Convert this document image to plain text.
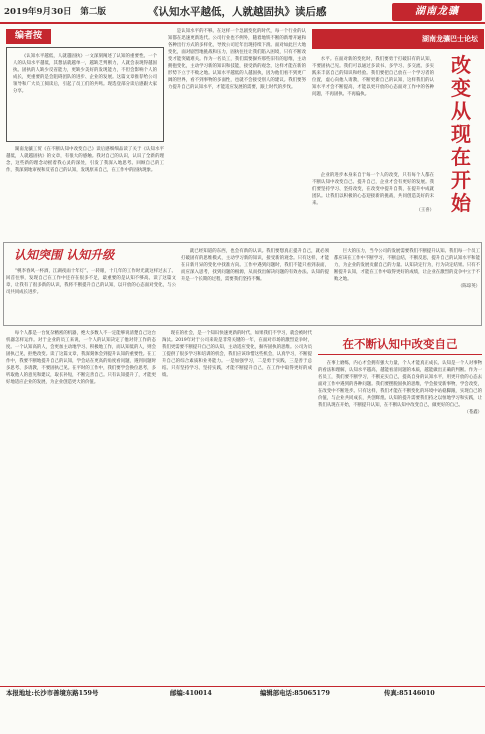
2019年9月30日　第二版	《认知水平越低，人就越固执》读后感	湖南龙骧
编者按

《认知水平越低，人就越固执》一文深刻阐述了认知的重要性。一个人的认知水平越低，其想法就越单一，越缺乏判断力，人就会表现得越固执。固执的人缺少反省能力，更缺少美好的发现能力，不但会影响个人的成长，更重要的是会阻碍团队的进步、企业的发展。这篇文章推荐给公司领导和广大员工阅读后，引起了员工们的共鸣。现选登部分读后感跟大家分享。

湖南龙骧工贸《在不断认知中改变自己》读后感细细品读了关于《认知水平越低，人就越固执》的文章，有很大的感触。我对自己的认识，认识了全新的理念，这些新的理念动摇着我心灵的深处，引发了我深入地思考。回顾自己的工作，我深刻地审视和反省自己的认知，发现原来自己，在工作中的固执现象。

是认知水平的不够。在这样一个急剧变化的时代，每一个行业的认知都在迅速更新迭代。公司行业也不例外，随着地铁不断的新增开通和各种出行方式的多样化，导致公司近年出现持续下滑。面对如此巨大地变化，面对剧烈地挑战和压力，固执往往让我们陷入困境，只有不断改变才能突破难关。作为一名员工，我们需要摒弃那些旧有的思维，主动拥抱变化，主动学习新的知识和技能，接受新的观念，这样才能在新的形势下立于不败之地。认知水平越低的人越固执，因为他们看不到更广阔的世界，看不到事物的多面性，也就不会接受别人的建议。我们要努力提升自己的认知水平，才能适应发展的需要，跟上时代的步伐。

湖南龙骧巴士论坛

水平。在面对新的变化时，我们要勇于打破旧有的认知，不要固执己见。我们可以通过多读书、多学习、多交流、多实践来丰富自己的知识和经验。我们要把自己放在一个学习者的位置，虚心向他人请教，不断更新自己的认知，这样我们的认知水平才会不断提高，才能以更开放的心态面对工作中的各种问题，不再固执、不再偏执。

企业的进步本身来自于每一个人的改变，只有每个人都在不断认知中改变自己、提升自己，企业才会有更好的发展。我们要坚持学习、坚持改变，在改变中提升自我，在提升中成就团队。让我们以积极的心态迎接新的挑战，共同创造美好的未来。

（王喜）
改
变
从
现
在
开
始
认知突围 认知升级

“桃李春风一杯酒，江湖夜雨十年灯”。一转眼，十几年的工作时光就这样过去了。回首往事，发现自己在工作中还存在很多不足，最重要的是认知不够高。读了这篇文章，让我有了很多新的认识，我将不断提升自己的认知，以开放的心态面对变化，与公司共同成长进步。

就已经知道的东西，也会有新的认识。我们要想真正提升自己，就必须打破固有的思维模式，主动学习新的知识，接受新的观念。只有这样，才能在日新月异的变化中找准方向。工作中遇到问题时，我们不能只看到表面，而应深入思考，找到问题的根源，从而找出解决问题的有效办法。认知的提升是一个长期的过程，需要我们坚持不懈。

巨大的压力，当今公司的发展需要我们不断提升认知。我们每一个员工都应该在工作中不断学习，不断总结，不断反思，提升自己的认知水平和能力，为企业的发展贡献自己的力量。认知决定行为，行为决定结果。只有不断提升认知，才能在工作中取得更好的成绩，让企业在激烈的竞争中立于不败之地。

（陈琼英）

每个人都是一台复杂精密的机器，绝大多数人不一定能够说清楚自己这台机器怎样运作。对于企业的员工来说，一个人的认知决定了他对待工作的态度。一个认知高的人，会更加主动地学习、积极地工作，而认知低的人，则会固执己见，拒绝改变。读了这篇文章，我深刻体会到提升认知的重要性。在工作中，我要不断地提升自己的认知，学会站在更高的角度看问题，遇到问题时多思考、多请教，不要固执己见。在平时的工作中，我们要学会换位思考，多听取他人的意见和建议，取长补短，不断完善自己。只有认知提升了，才能更好地适应企业的发展，为企业创造更大的价值。

现在的社会，是一个知识快速更新的时代，如果我们不学习，就会被时代淘汰。2019年对于公司来说是非常关键的一年，在面对市场的激烈竞争时，我们更需要不断提升自己的认知，主动适应变化，摒弃固执的思维。公司为员工提供了很多学习和培训的机会，我们应该珍惜这些机会，认真学习，不断提升自己的综合素质和业务能力。一是加强学习，二是勇于实践，三是善于总结。只有坚持学习、坚持实践，才能不断提升自己，在工作中取得更好的成绩。

在不断认知中改变自己

在事上磨练，内心才会拥有强大力量，个人才能真正成长。认知是一个人对事物的看法和理解，认知水平越高，越能看清问题的本质，越能做出正确的判断。作为一名员工，我们要不断学习，不断充实自己，提高自身的认知水平，用更开放的心态去面对工作中遇到的各种问题。我们要摆脱固执的思维，学会接受新事物，学会改变，在改变中不断进步。只有这样，我们才能在不断变化的环境中站稳脚跟，实现自己的价值，与企业共同成长，共创辉煌。认知的提升需要我们持之以恒地学习和实践，让我们从现在开始，不断提升认知，在不断认知中改变自己，做更好的自己。

（苍鑫）
本报地址:长沙市善境东路159号	邮编:410014	编辑部电话:85065179	传真:85146010
